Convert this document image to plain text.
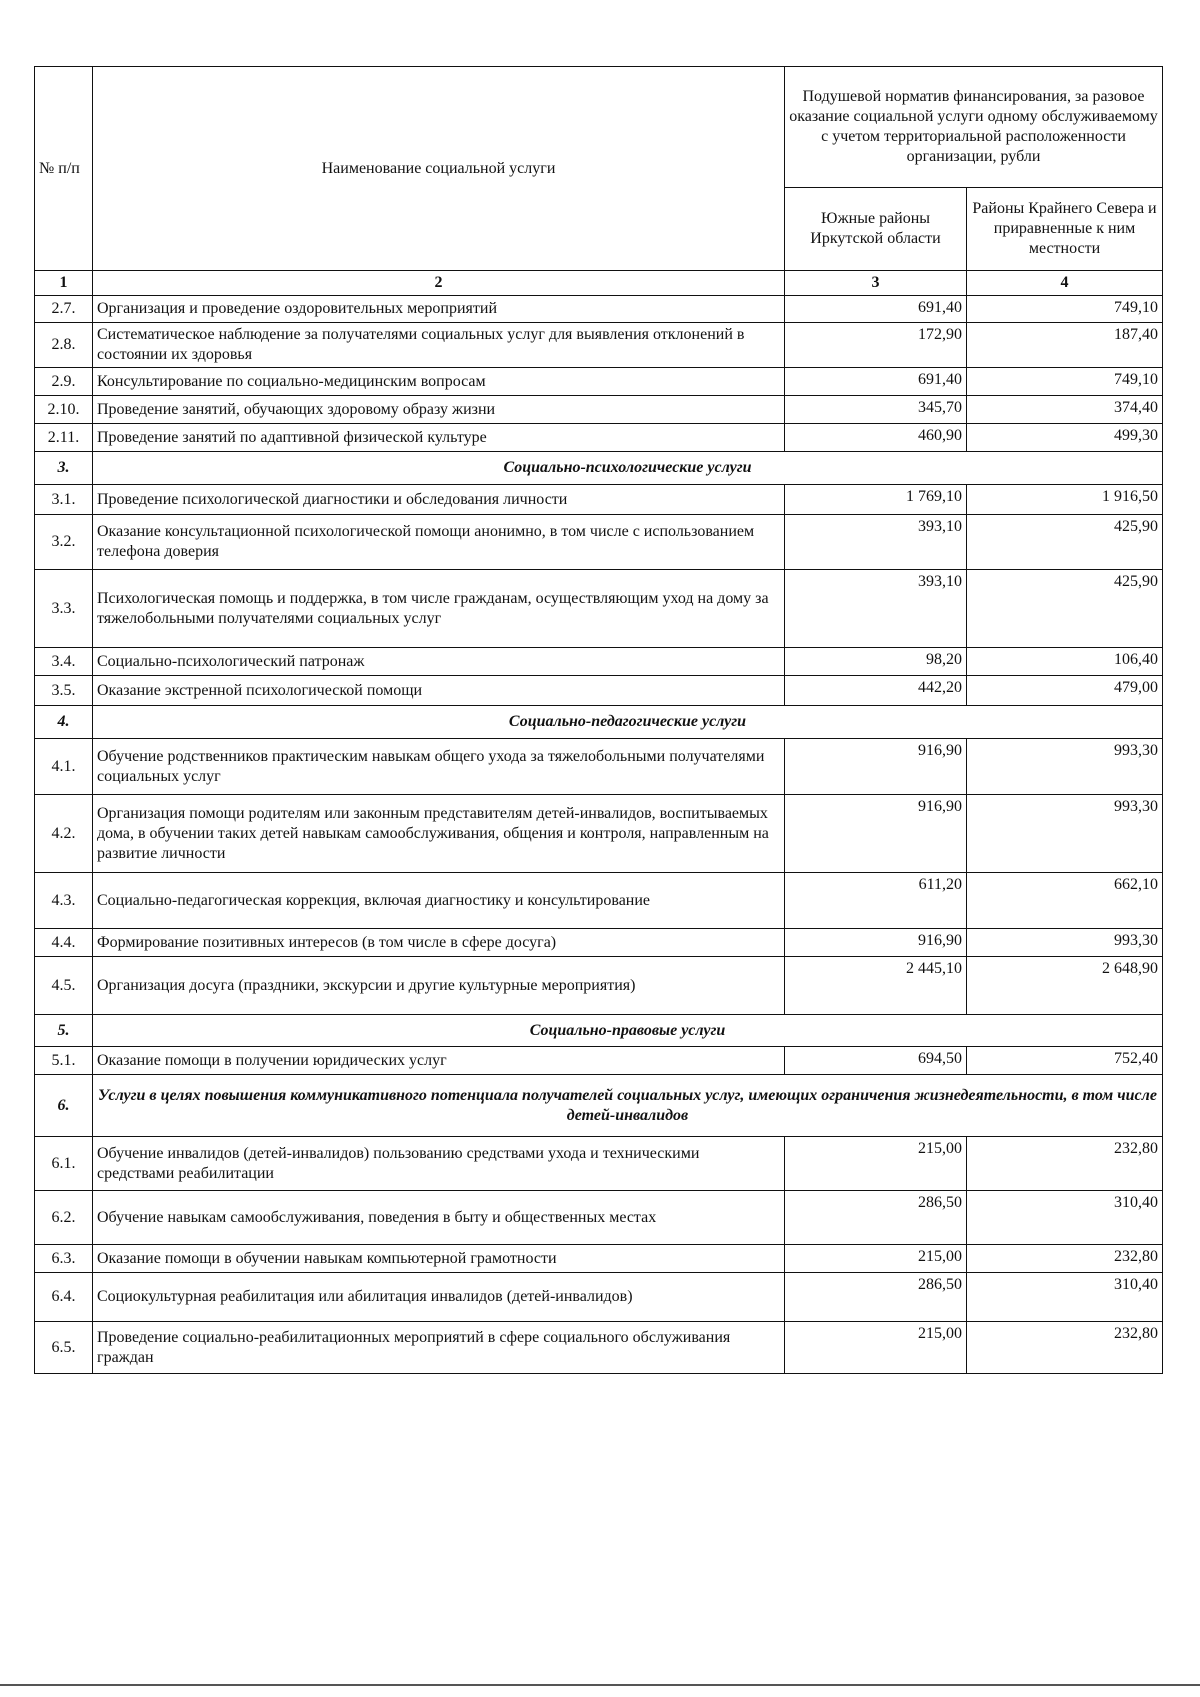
№ п/п	Наименование социальной услуги	Подушевой норматив финансирования, за разовое оказание социальной услуги одному обслуживаемому с учетом территориальной расположенности организации, рубли	
		Южные районы Иркутской области	Районы Крайнего Севера и приравненные к ним местности
1	2	3	4
2.7.	Организация и проведение оздоровительных мероприятий	691,40	749,10
2.8.	Систематическое наблюдение за получателями социальных услуг для выявления отклонений в состоянии их здоровья	172,90	187,40
2.9.	Консультирование по социально-медицинским вопросам	691,40	749,10
2.10.	Проведение занятий, обучающих здоровому образу жизни	345,70	374,40
2.11.	Проведение занятий по адаптивной физической культуре	460,90	499,30
3.	Социально-психологические услуги		
3.1.	Проведение психологической диагностики и обследования личности	1 769,10	1 916,50
3.2.	Оказание консультационной психологической помощи анонимно, в том числе с использованием телефона доверия	393,10	425,90
3.3.	Психологическая помощь и поддержка, в том числе гражданам, осуществляющим уход на дому за тяжелобольными получателями социальных услуг	393,10	425,90
3.4.	Социально-психологический патронаж	98,20	106,40
3.5.	Оказание экстренной психологической помощи	442,20	479,00
4.	Социально-педагогические услуги		
4.1.	Обучение родственников практическим навыкам общего ухода за тяжелобольными получателями социальных услуг	916,90	993,30
4.2.	Организация помощи родителям или законным представителям детей-инвалидов, воспитываемых дома, в обучении таких детей навыкам самообслуживания, общения и контроля, направленным на развитие личности	916,90	993,30
4.3.	Социально-педагогическая коррекция, включая диагностику и консультирование	611,20	662,10
4.4.	Формирование позитивных интересов (в том числе в сфере досуга)	916,90	993,30
4.5.	Организация досуга (праздники, экскурсии и другие культурные мероприятия)	2 445,10	2 648,90
5.	Социально-правовые услуги		
5.1.	Оказание помощи в получении юридических услуг	694,50	752,40
6.	Услуги в целях повышения коммуникативного потенциала получателей социальных услуг, имеющих ограничения жизнедеятельности, в том числе детей-инвалидов		
6.1.	Обучение инвалидов (детей-инвалидов) пользованию средствами ухода и техническими средствами реабилитации	215,00	232,80
6.2.	Обучение навыкам самообслуживания, поведения в быту и общественных местах	286,50	310,40
6.3.	Оказание помощи в обучении навыкам компьютерной грамотности	215,00	232,80
6.4.	Социокультурная реабилитация или абилитация инвалидов (детей-инвалидов)	286,50	310,40
6.5.	Проведение социально-реабилитационных мероприятий в сфере социального обслуживания граждан	215,00	232,80
